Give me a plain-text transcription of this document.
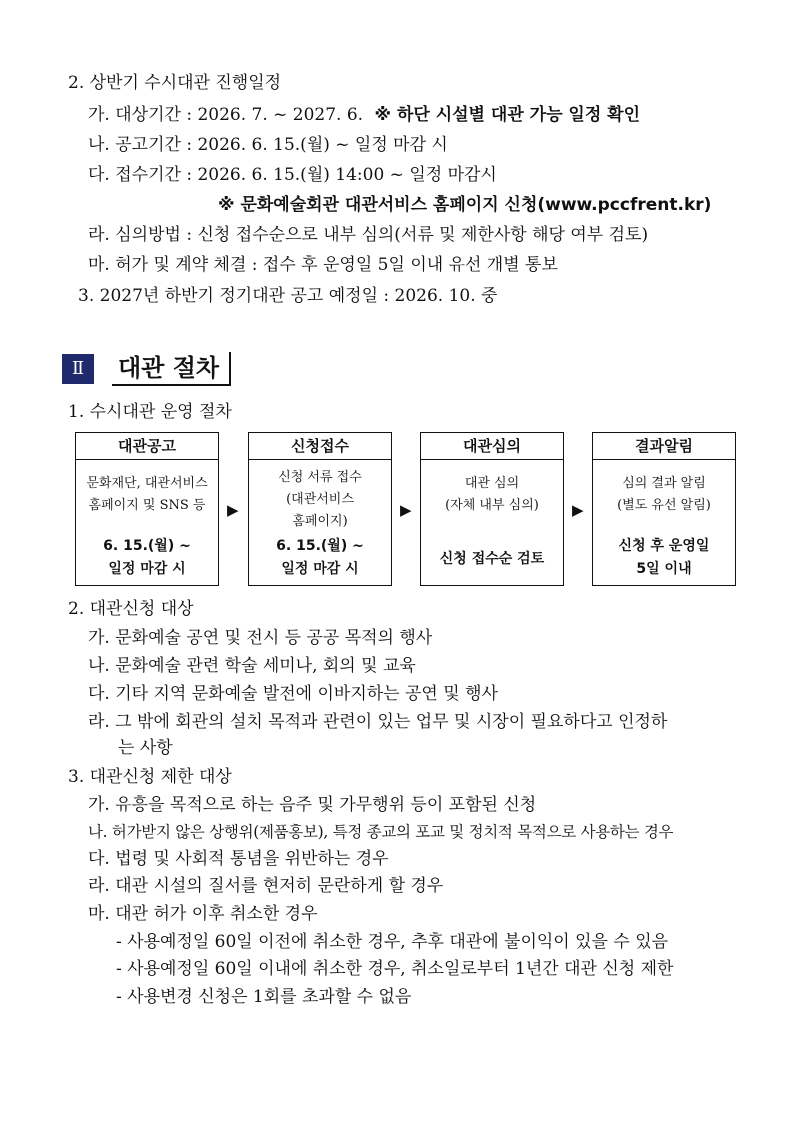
2. 상반기 수시대관 진행일정
가. 대상기간 : 2026. 7. ~ 2027. 6. ※ 하단 시설별 대관 가능 일정 확인
나. 공고기간 : 2026. 6. 15.(월) ~ 일정 마감 시
다. 접수기간 : 2026. 6. 15.(월) 14:00 ~ 일정 마감시
※ 문화예술회관 대관서비스 홈페이지 신청(www.pccfrent.kr)
라. 심의방법 : 신청 접수순으로 내부 심의(서류 및 제한사항 해당 여부 검토)
마. 허가 및 계약 체결 : 접수 후 운영일 5일 이내 유선 개별 통보
3. 2027년 하반기 정기대관 공고 예정일 : 2026. 10. 중
Ⅱ	대관 절차
1. 수시대관 운영 절차
대관공고
문화재단, 대관서비스
홈페이지 및 SNS 등
6. 15.(월) ~
일정 마감 시
▶
신청접수
신청 서류 접수
(대관서비스
홈페이지)
6. 15.(월) ~
일정 마감 시
▶
대관심의
대관 심의
(자체 내부 심의)
신청 접수순 검토
▶
결과알림
심의 결과 알림
(별도 유선 알림)
신청 후 운영일
5일 이내
2. 대관신청 대상
가. 문화예술 공연 및 전시 등 공공 목적의 행사
나. 문화예술 관련 학술 세미나, 회의 및 교육
다. 기타 지역 문화예술 발전에 이바지하는 공연 및 행사
라. 그 밖에 회관의 설치 목적과 관련이 있는 업무 및 시장이 필요하다고 인정하
는 사항
3. 대관신청 제한 대상
가. 유흥을 목적으로 하는 음주 및 가무행위 등이 포함된 신청
나. 허가받지 않은 상행위(제품홍보), 특정 종교의 포교 및 정치적 목적으로 사용하는 경우
다. 법령 및 사회적 통념을 위반하는 경우
라. 대관 시설의 질서를 현저히 문란하게 할 경우
마. 대관 허가 이후 취소한 경우
- 사용예정일 60일 이전에 취소한 경우, 추후 대관에 불이익이 있을 수 있음
- 사용예정일 60일 이내에 취소한 경우, 취소일로부터 1년간 대관 신청 제한
- 사용변경 신청은 1회를 초과할 수 없음
